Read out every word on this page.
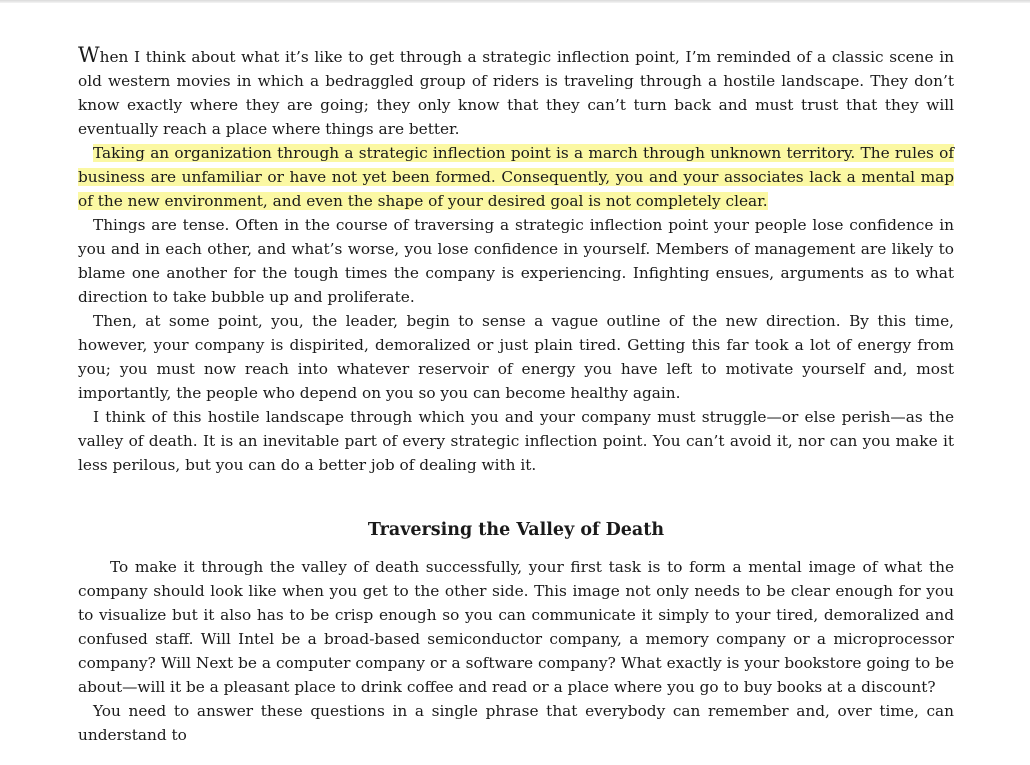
When I think about what it’s like to get through a strategic inflection point, I’m reminded of a classic scene in old western movies in which a bedraggled group of riders is traveling through a hostile landscape. They don’t know exactly where they are going; they only know that they can’t turn back and must trust that they will eventually reach a place where things are better.

Taking an organization through a strategic inflection point is a march through unknown territory. The rules of business are unfamiliar or have not yet been formed. Consequently, you and your associates lack a mental map of the new environment, and even the shape of your desired goal is not completely clear.

Things are tense. Often in the course of traversing a strategic inflection point your people lose confidence in you and in each other, and what’s worse, you lose confidence in yourself. Members of management are likely to blame one another for the tough times the company is experiencing. Infighting ensues, arguments as to what direction to take bubble up and proliferate.

Then, at some point, you, the leader, begin to sense a vague outline of the new direction. By this time, however, your company is dispirited, demoralized or just plain tired. Getting this far took a lot of energy from you; you must now reach into whatever reservoir of energy you have left to motivate yourself and, most importantly, the people who depend on you so you can become healthy again.

I think of this hostile landscape through which you and your company must struggle—or else perish—as the valley of death. It is an inevitable part of every strategic inflection point. You can’t avoid it, nor can you make it less perilous, but you can do a better job of dealing with it.

Traversing the Valley of Death

To make it through the valley of death successfully, your first task is to form a mental image of what the company should look like when you get to the other side. This image not only needs to be clear enough for you to visualize but it also has to be crisp enough so you can communicate it simply to your tired, demoralized and confused staff. Will Intel be a broad-based semiconductor company, a memory company or a microprocessor company? Will Next be a computer company or a software company? What exactly is your bookstore going to be about—will it be a pleasant place to drink coffee and read or a place where you go to buy books at a discount?

You need to answer these questions in a single phrase that everybody can remember and, over time, can understand to
